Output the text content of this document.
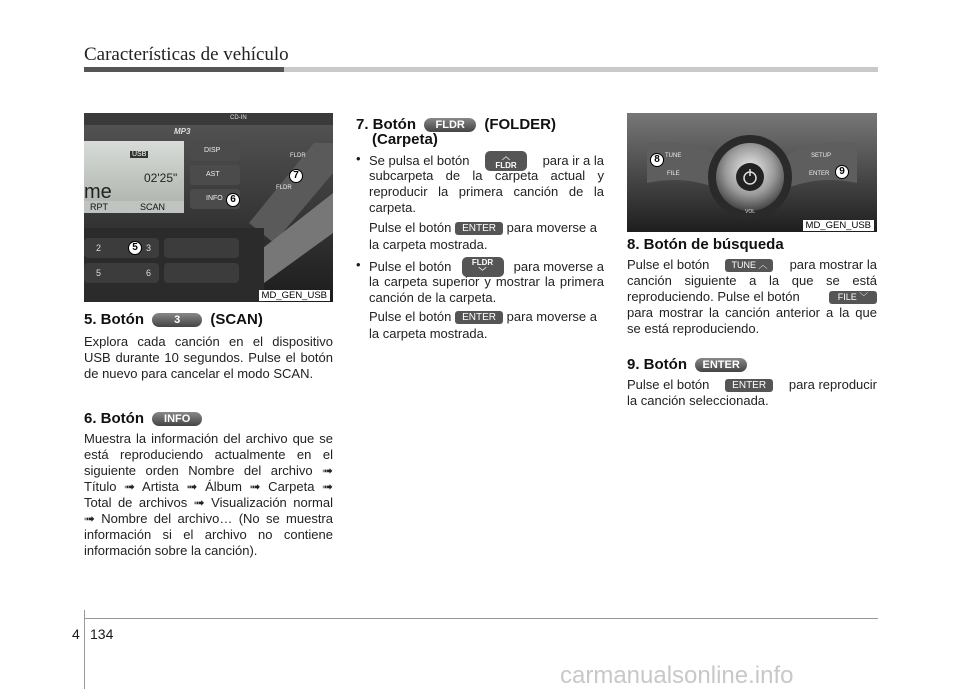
Características de vehículo
USB
02'25"
me
RPT	SCAN
MP3
CD-IN
DISP
AST
INFO
FLDR
FLDR
2	3
5	6
5
6
7
MD_GEN_USB
TUNE
FILE
SETUP
ENTER
VOL
8
9
MD_GEN_USB
5. Botón	3 (SCAN)
Explora cada canción en el dispositivo USB durante 10 segundos. Pulse el botón de nuevo para cancelar el modo SCAN.
6. Botón INFO
Muestra la información del archivo que se está reproduciendo actualmente en el siguiente orden Nombre del archivo ➟ Título ➟ Artista ➟ Álbum ➟ Carpeta ➟ Total de archivos ➟ Visualización normal ➟ Nombre del archivo… (No se muestra información si el archivo no contiene información sobre la canción).
7. Botón FLDR (FOLDER)
(Carpeta)
• Se pulsa el botón	︿
FLDR	para ir a la
subcarpeta de la carpeta actual y reproducir la primera canción de la carpeta.
Pulse el botón ENTER para moverse a
la carpeta mostrada.
• Pulse el botón	FLDR
﹀	para moverse a
la carpeta superior y mostrar la primera canción de la carpeta.
Pulse el botón ENTER para moverse a
la carpeta mostrada.
8. Botón de búsqueda
Pulse el botón	TUNE ︿	para mostrar la
canción siguiente a la que se está
reproduciendo. Pulse el botón	FILE ﹀
para mostrar la canción anterior a la que se está reproduciendo.
9. Botón ENTER
Pulse el botón	ENTER	para reproducir
la canción seleccionada.
4 134
carmanualsonline.info
